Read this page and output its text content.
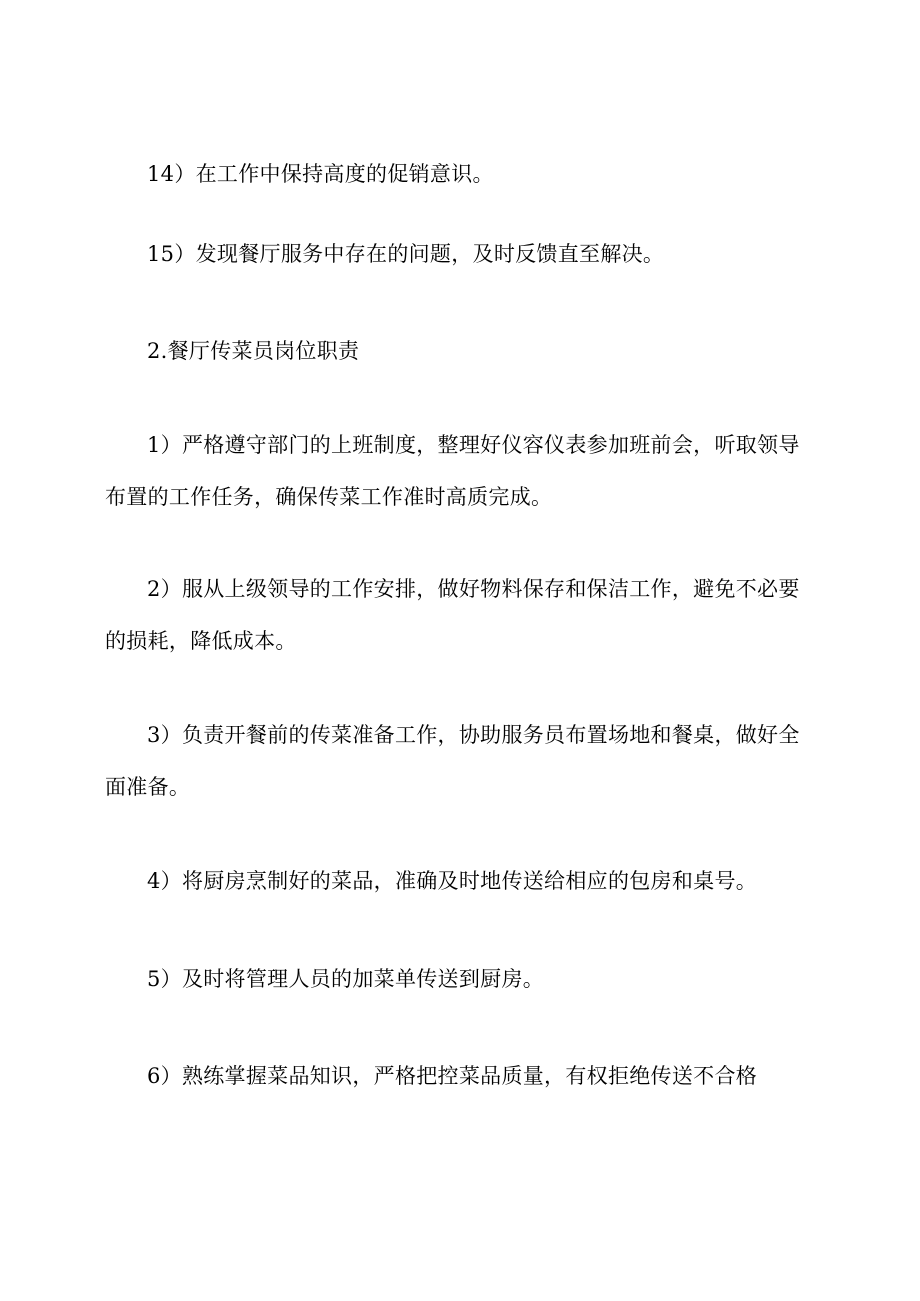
14）在工作中保持高度的促销意识。

15）发现餐厅服务中存在的问题，及时反馈直至解决。

2.餐厅传菜员岗位职责

1）严格遵守部门的上班制度，整理好仪容仪表参加班前会，听取领导布置的工作任务，确保传菜工作准时高质完成。

2）服从上级领导的工作安排，做好物料保存和保洁工作，避免不必要的损耗，降低成本。

3）负责开餐前的传菜准备工作，协助服务员布置场地和餐桌，做好全面准备。

4）将厨房烹制好的菜品，准确及时地传送给相应的包房和桌号。

5）及时将管理人员的加菜单传送到厨房。

6）熟练掌握菜品知识，严格把控菜品质量，有权拒绝传送不合格
